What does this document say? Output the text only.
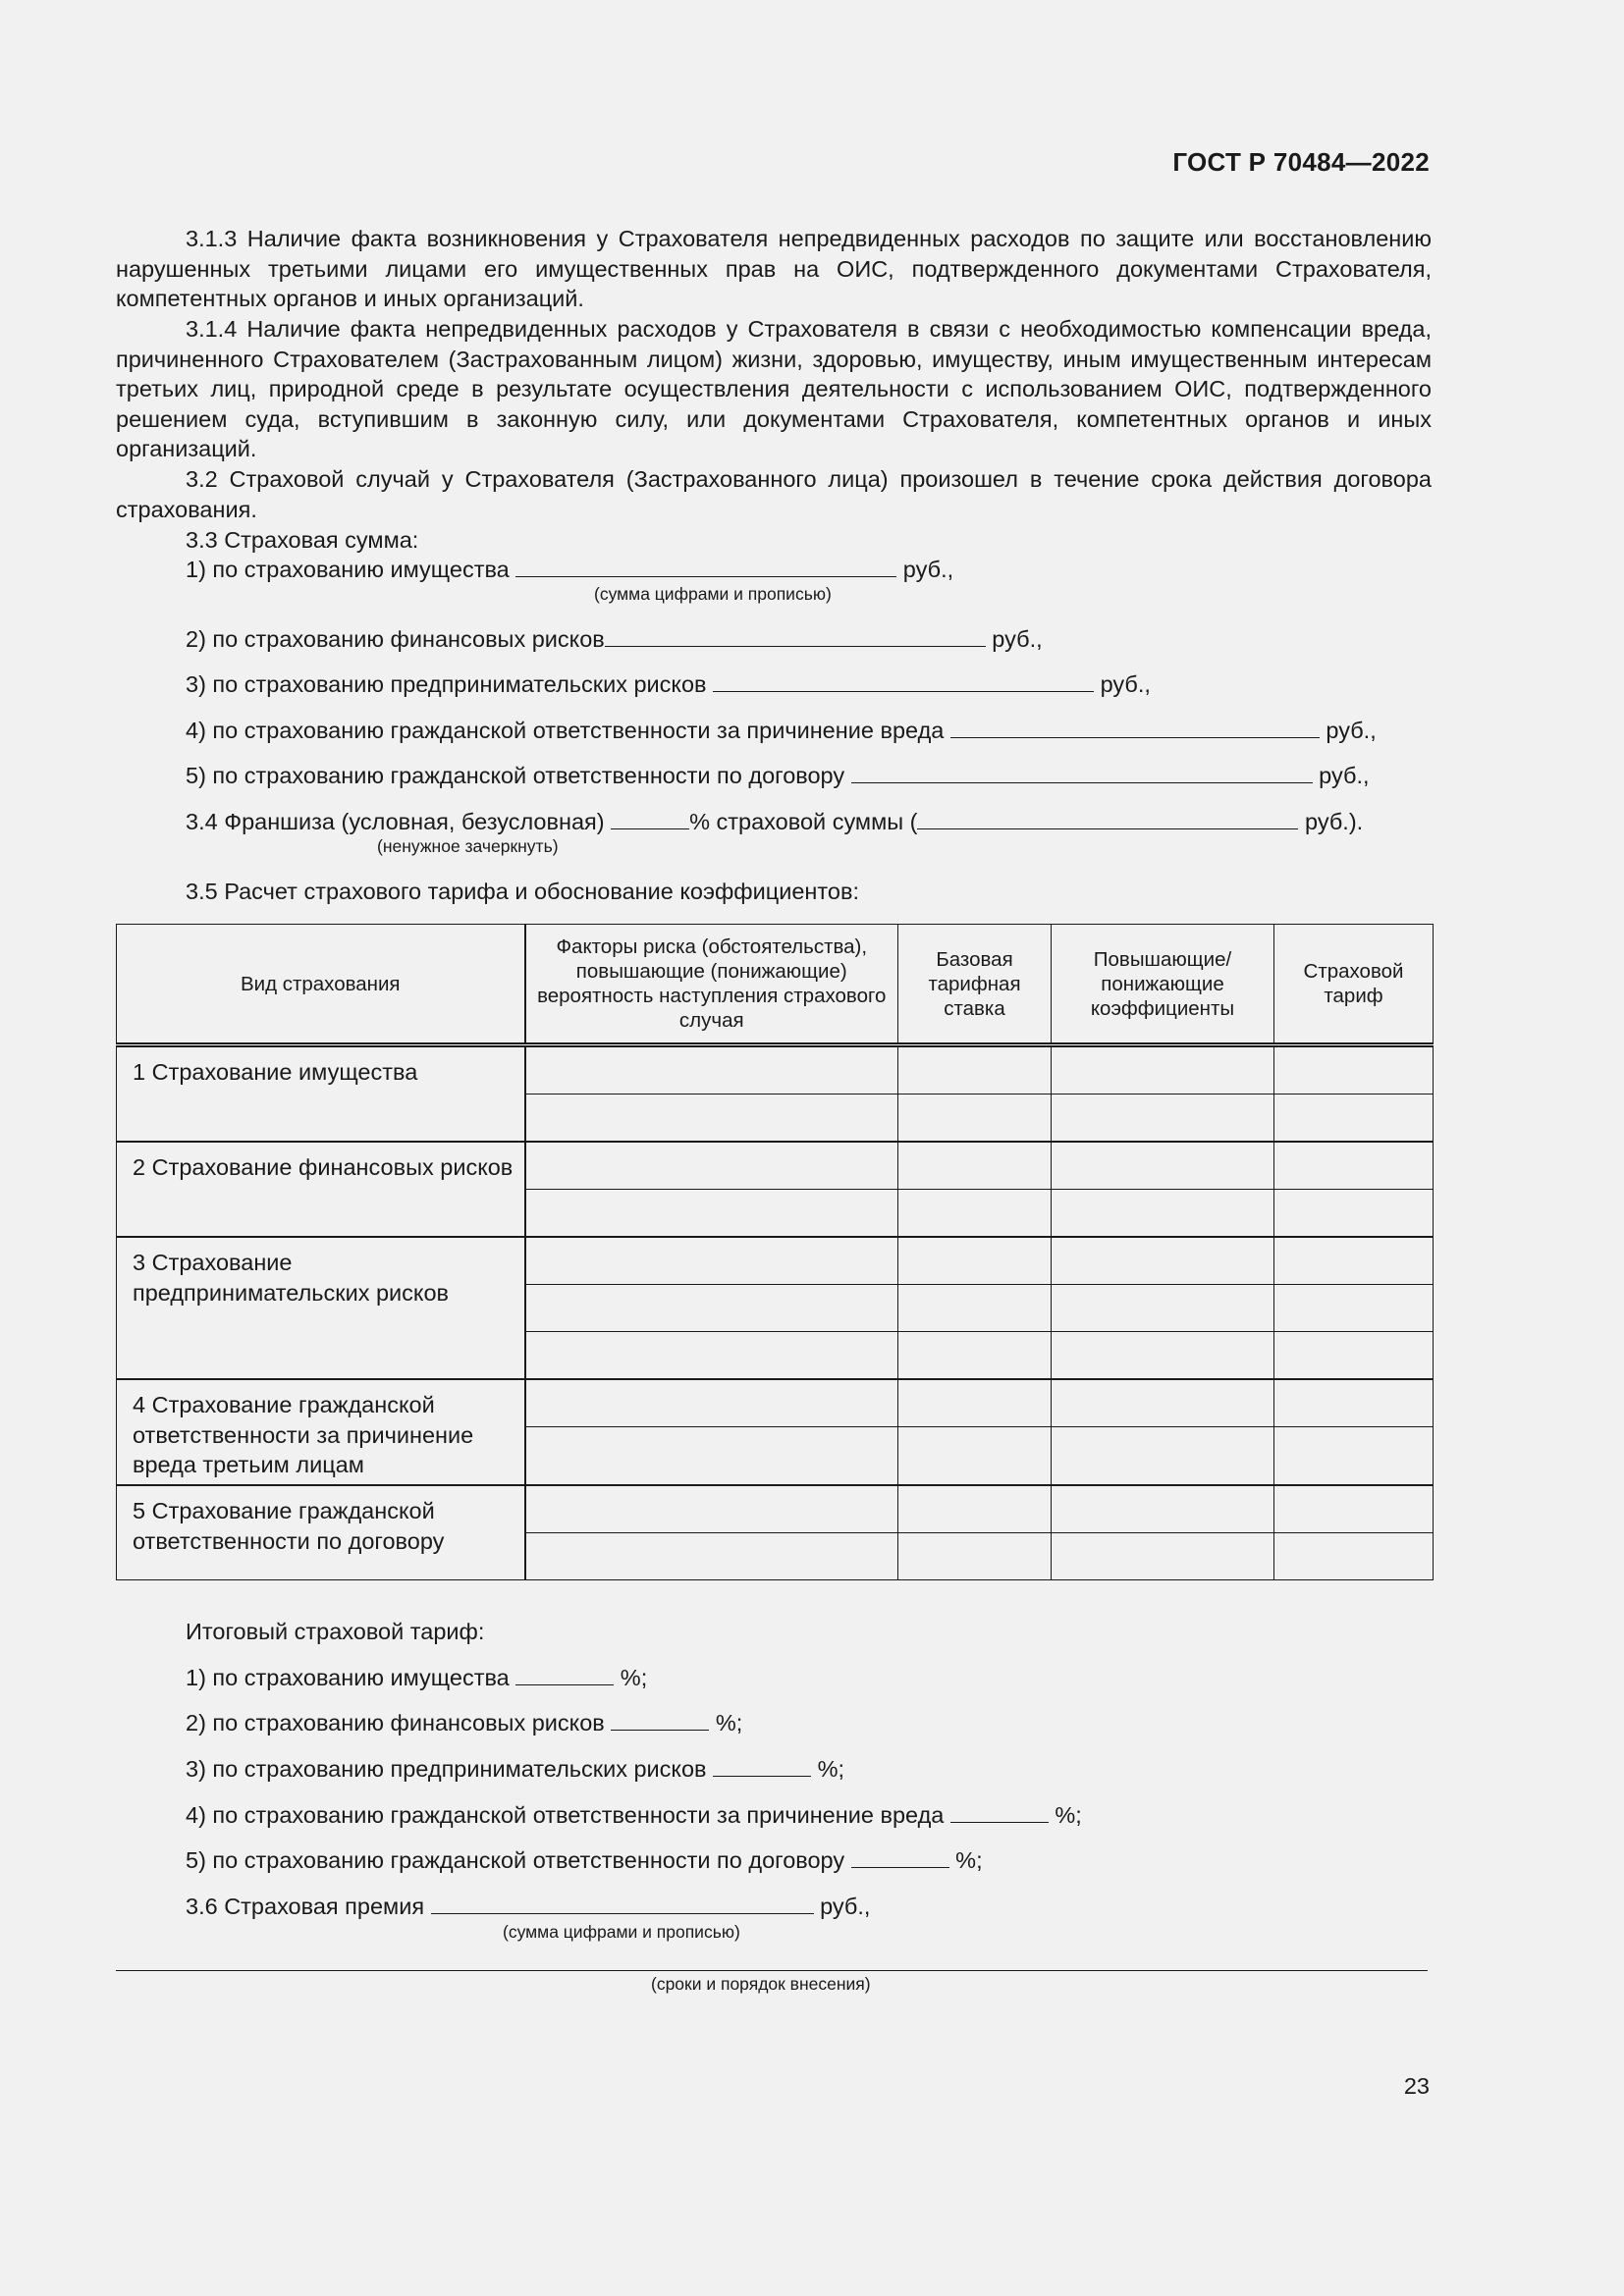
ГОСТ Р 70484—2022
3.1.3 Наличие факта возникновения у Страхователя непредвиденных расходов по защите или восстановлению нарушенных третьими лицами его имущественных прав на ОИС, подтвержденного документами Страхователя, компетентных органов и иных организаций.
3.1.4 Наличие факта непредвиденных расходов у Страхователя в связи с необходимостью компенсации вреда, причиненного Страхователем (Застрахованным лицом) жизни, здоровью, имуществу, иным имущественным интересам третьих лиц, природной среде в результате осуществления деятельности с использованием ОИС, подтвержденного решением суда, вступившим в законную силу, или документами Страхователя, компетентных органов и иных организаций.
3.2 Страховой случай у Страхователя (Застрахованного лица) произошел в течение срока действия договора страхования.
3.3 Страховая сумма:
1) по страхованию имущества	руб.,
(сумма цифрами и прописью)
2) по страхованию финансовых рисков	руб.,
3) по страхованию предпринимательских рисков	руб.,
4) по страхованию гражданской ответственности за причинение вреда	руб.,
5) по страхованию гражданской ответственности по договору	руб.,
3.4 Франшиза (условная, безусловная)	% страховой суммы (	руб.).
(ненужное зачеркнуть)
3.5 Расчет страхового тарифа и обоснование коэффициентов:
Вид страхования	Факторы риска (обстоятельства), повышающие (понижающие) вероятность наступления страхового случая	Базовая тарифная ставка	Повышающие/ понижающие коэффициенты	Страховой тариф
1 Страхование имущества				

2 Страхование финансовых рисков				

3 Страхование предпринимательских рисков				

4 Страхование гражданской ответственности за причинение вреда третьим лицам				

5 Страхование гражданской ответственности по договору				

Итоговый страховой тариф:
1) по страхованию имущества	%;
2) по страхованию финансовых рисков	%;
3) по страхованию предпринимательских рисков	%;
4) по страхованию гражданской ответственности за причинение вреда	%;
5) по страхованию гражданской ответственности по договору	%;
3.6 Страховая премия	руб.,
(сумма цифрами и прописью)
(сроки и порядок внесения)
23
